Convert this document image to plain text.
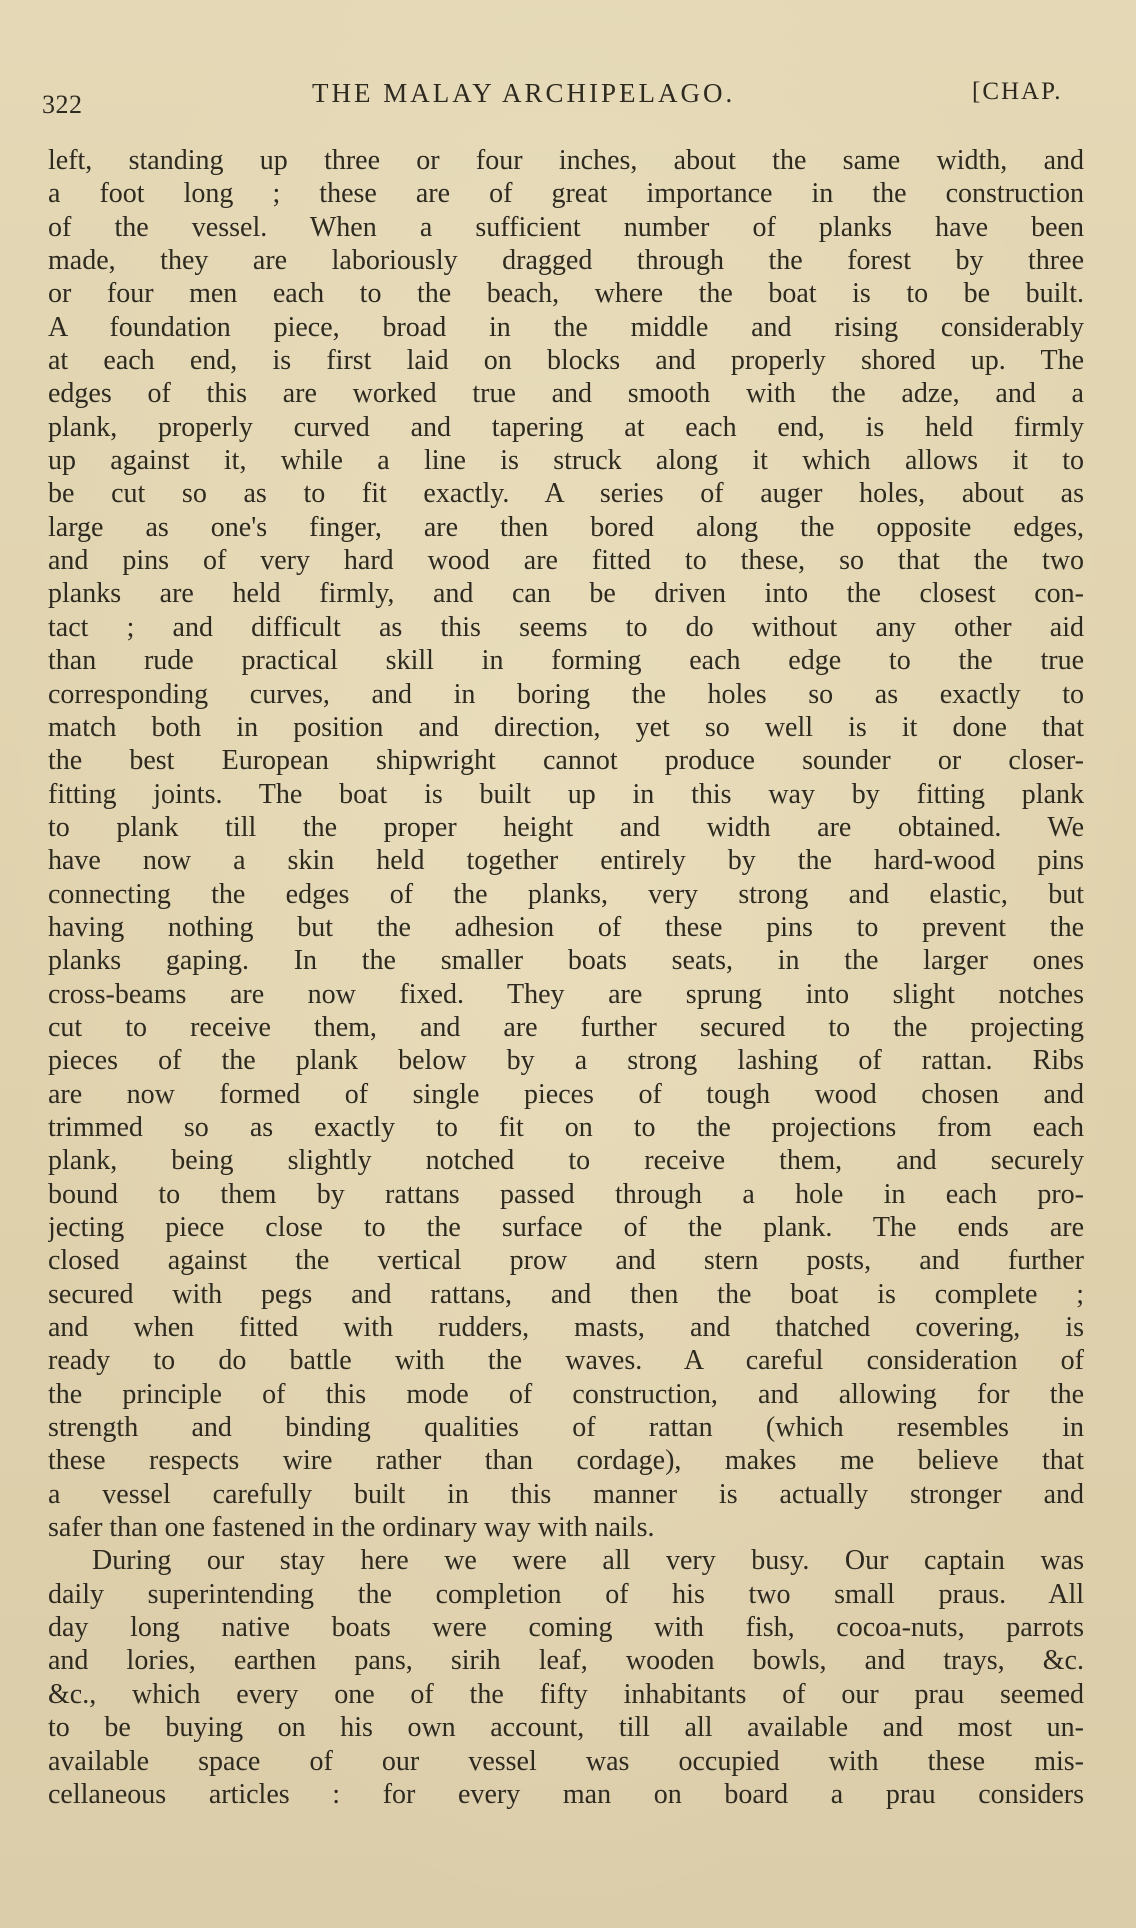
322	THE MALAY ARCHIPELAGO.	[CHAP.
left, standing up three or four inches, about the same width, and
a foot long ; these are of great importance in the construction
of the vessel. When a sufficient number of planks have been
made, they are laboriously dragged through the forest by three
or four men each to the beach, where the boat is to be built.
A foundation piece, broad in the middle and rising considerably
at each end, is first laid on blocks and properly shored up. The
edges of this are worked true and smooth with the adze, and a
plank, properly curved and tapering at each end, is held firmly
up against it, while a line is struck along it which allows it to
be cut so as to fit exactly. A series of auger holes, about as
large as one's finger, are then bored along the opposite edges,
and pins of very hard wood are fitted to these, so that the two
planks are held firmly, and can be driven into the closest con-
tact ; and difficult as this seems to do without any other aid
than rude practical skill in forming each edge to the true
corresponding curves, and in boring the holes so as exactly to
match both in position and direction, yet so well is it done that
the best European shipwright cannot produce sounder or closer-
fitting joints. The boat is built up in this way by fitting plank
to plank till the proper height and width are obtained. We
have now a skin held together entirely by the hard-wood pins
connecting the edges of the planks, very strong and elastic, but
having nothing but the adhesion of these pins to prevent the
planks gaping. In the smaller boats seats, in the larger ones
cross-beams are now fixed. They are sprung into slight notches
cut to receive them, and are further secured to the projecting
pieces of the plank below by a strong lashing of rattan. Ribs
are now formed of single pieces of tough wood chosen and
trimmed so as exactly to fit on to the projections from each
plank, being slightly notched to receive them, and securely
bound to them by rattans passed through a hole in each pro-
jecting piece close to the surface of the plank. The ends are
closed against the vertical prow and stern posts, and further
secured with pegs and rattans, and then the boat is complete ;
and when fitted with rudders, masts, and thatched covering, is
ready to do battle with the waves. A careful consideration of
the principle of this mode of construction, and allowing for the
strength and binding qualities of rattan (which resembles in
these respects wire rather than cordage), makes me believe that
a vessel carefully built in this manner is actually stronger and
safer than one fastened in the ordinary way with nails.
During our stay here we were all very busy. Our captain was
daily superintending the completion of his two small praus. All
day long native boats were coming with fish, cocoa-nuts, parrots
and lories, earthen pans, sirih leaf, wooden bowls, and trays, &c.
&c., which every one of the fifty inhabitants of our prau seemed
to be buying on his own account, till all available and most un-
available space of our vessel was occupied with these mis-
cellaneous articles : for every man on board a prau considers
